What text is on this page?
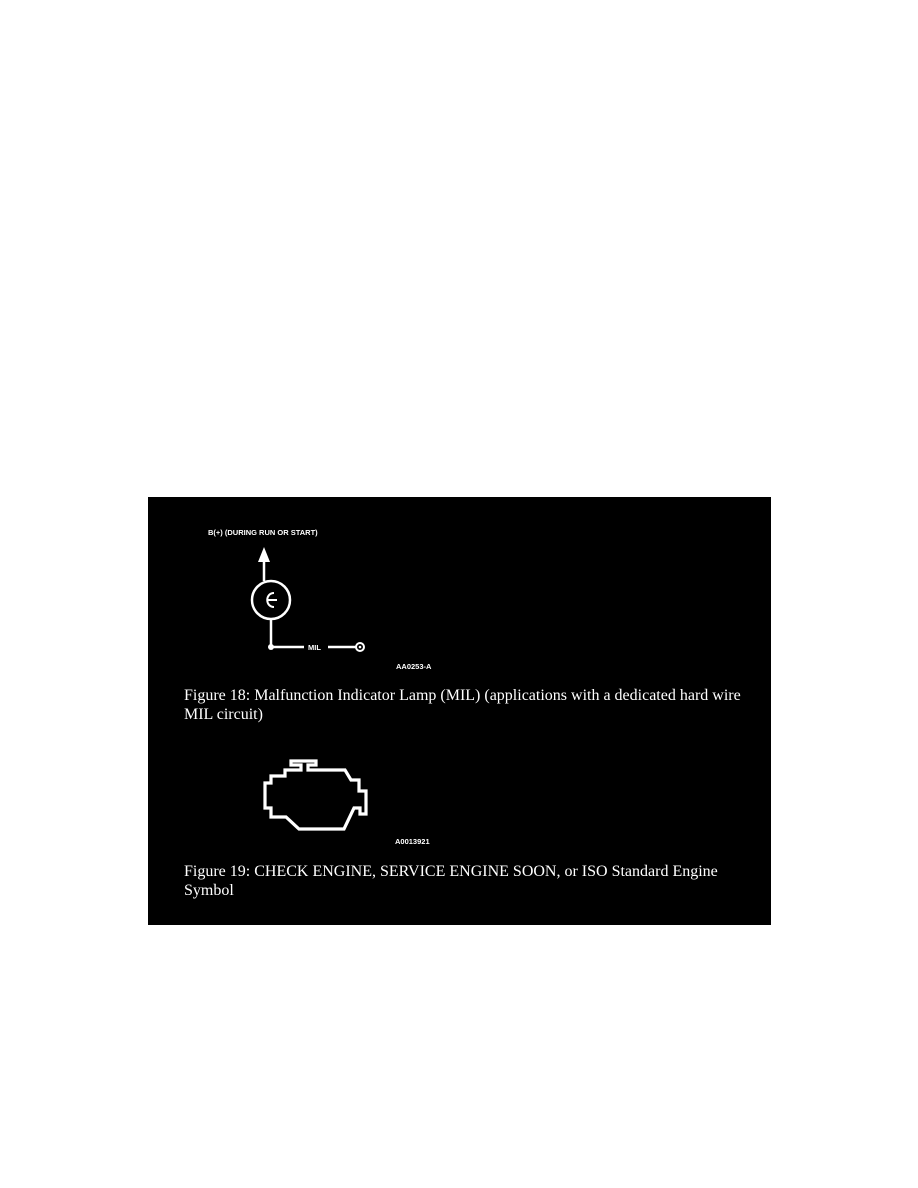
B(+) (DURING RUN OR START)
MIL
AA0253-A
A0013921
Figure 18: Malfunction Indicator Lamp (MIL) (applications with a dedicated hard wire MIL circuit)
Figure 19: CHECK ENGINE, SERVICE ENGINE SOON, or ISO Standard Engine Symbol
